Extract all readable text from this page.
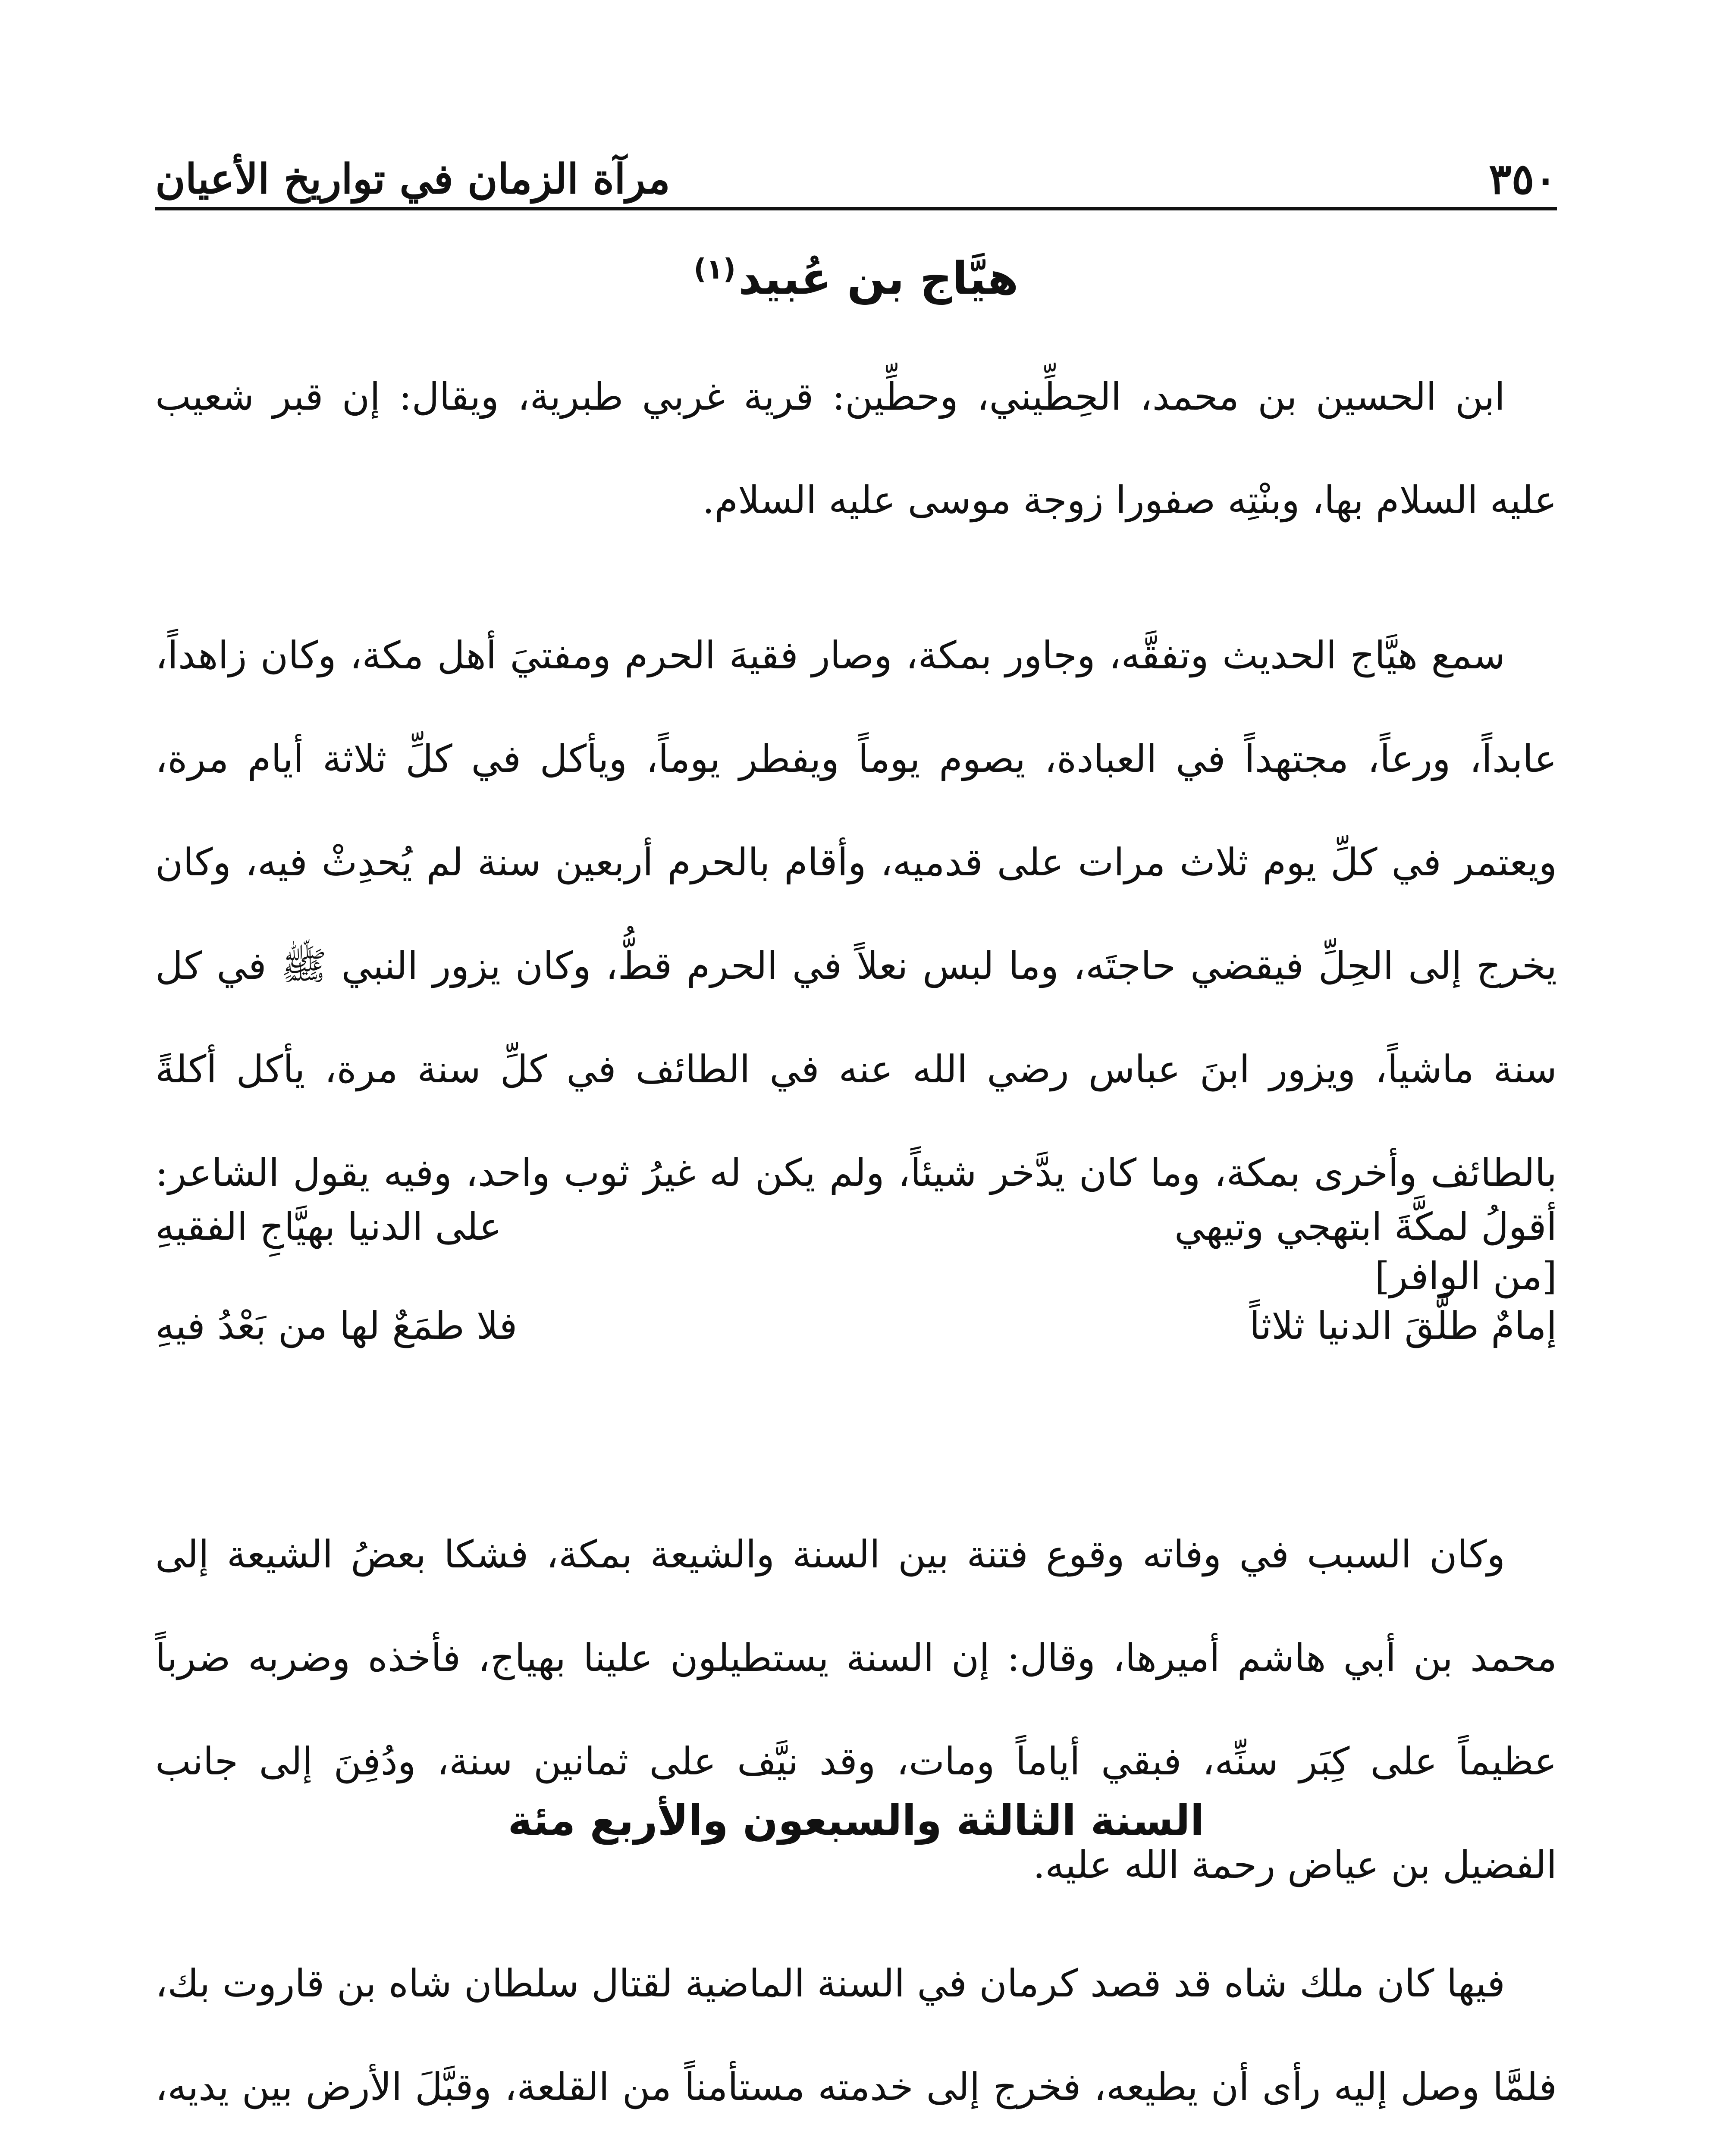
٣٥٠
مرآة الزمان في تواريخ الأعيان
هيَّاج بن عُبيد$^{(١)}$

ابن الحسين بن محمد، الحِطِّيني، وحطِّين: قرية غربي طبرية، ويقال: إن قبر شعيب عليه السلام بها، وبنْتِه صفورا زوجة موسى عليه السلام.

سمع هيَّاج الحديث وتفقَّه، وجاور بمكة، وصار فقيهَ الحرم ومفتيَ أهل مكة، وكان زاهداً، عابداً، ورعاً، مجتهداً في العبادة، يصوم يوماً ويفطر يوماً، ويأكل في كلِّ ثلاثة أيام مرة، ويعتمر في كلِّ يوم ثلاث مرات على قدميه، وأقام بالحرم أربعين سنة لم يُحدِثْ فيه، وكان يخرج إلى الحِلِّ فيقضي حاجتَه، وما لبس نعلاً في الحرم قطُّ، وكان يزور النبي ﷺ في كل سنة ماشياً، ويزور ابنَ عباس رضي الله عنه في الطائف في كلِّ سنة مرة، يأكل أكلةً بالطائف وأخرى بمكة، وما كان يدَّخر شيئاً، ولم يكن له غيرُ ثوب واحد، وفيه يقول الشاعر: [من الوافر]

أقولُ لمكَّةَ ابتهجي وتيهي
على الدنيا بهيَّاجِ الفقيهِ
إمامٌ طلَّقَ الدنيا ثلاثاً
فلا طمَعٌ لها من بَعْدُ فيهِ

وكان السبب في وفاته وقوع فتنة بين السنة والشيعة بمكة، فشكا بعضُ الشيعة إلى محمد بن أبي هاشم أميرها، وقال: إن السنة يستطيلون علينا بهياج، فأخذه وضربه ضرباً عظيماً على كِبَر سنِّه، فبقي أياماً ومات، وقد نيَّف على ثمانين سنة، ودُفِنَ إلى جانب الفضيل بن عياض رحمة الله عليه.

السنة الثالثة والسبعون والأربع مئة

فيها كان ملك شاه قد قصد كرمان في السنة الماضية لقتال سلطان شاه بن قاروت بك، فلمَّا وصل إليه رأى أن يطيعه، فخرج إلى خدمته مستأمناً من القلعة، وقبَّلَ الأرض بين يديه،
